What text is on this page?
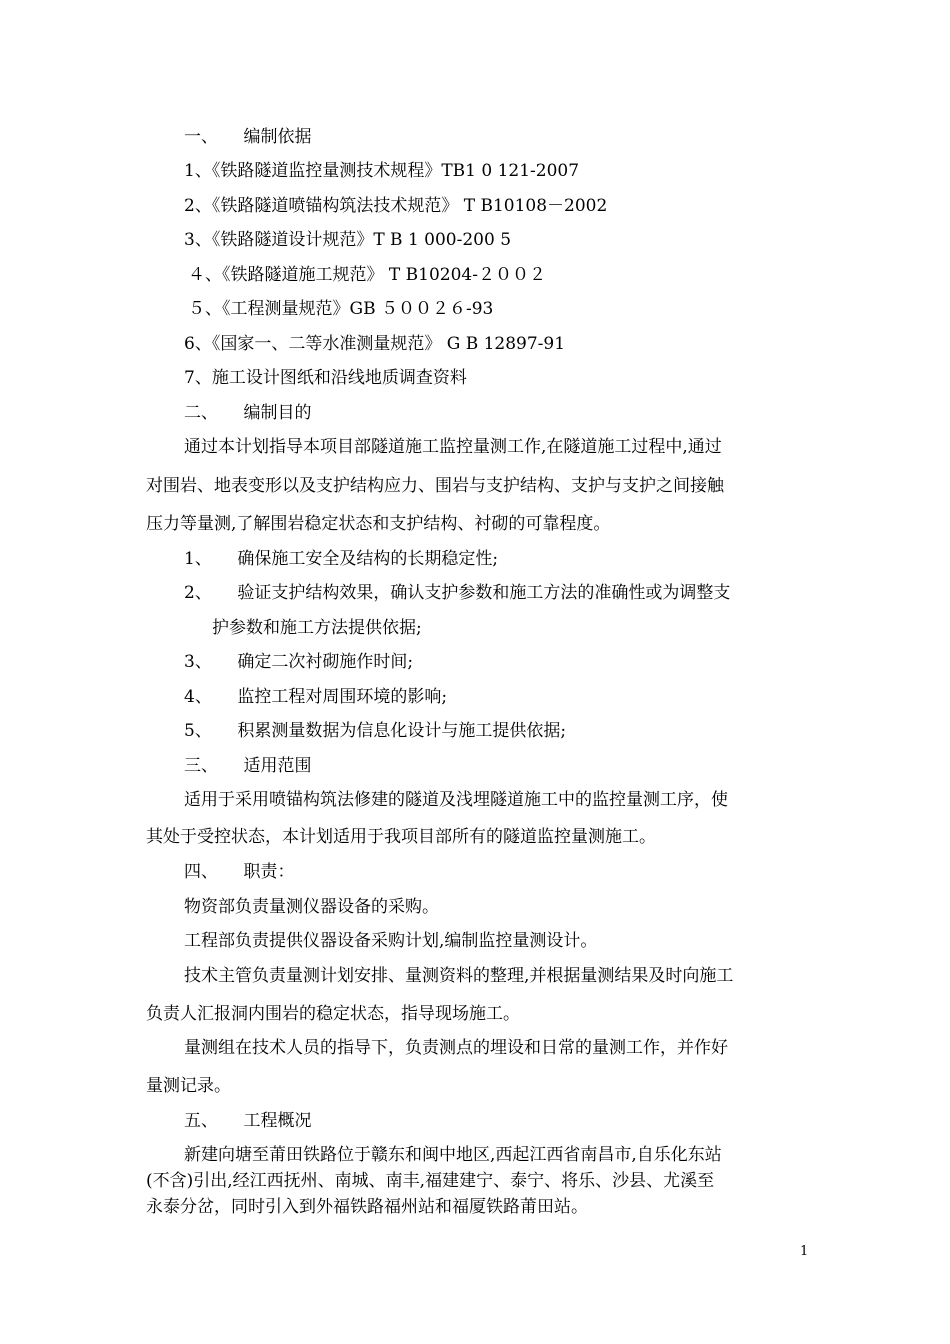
一、　　编制依据
1、《铁路隧道监控量测技术规程》TB1 0 121-2007
2、《铁路隧道喷锚构筑法技术规范》 T B10108－2002
3、《铁路隧道设计规范》T B 1 000-200 5
４、《铁路隧道施工规范》 T B10204-２００２
５、《工程测量规范》GB ５００２６-93
6、《国家一、二等水准测量规范》 G B 12897-91
7、施工设计图纸和沿线地质调查资料
二、　　编制目的
通过本计划指导本项目部隧道施工监控量测工作,在隧道施工过程中,通过
对围岩、地表变形以及支护结构应力、围岩与支护结构、支护与支护之间接触
压力等量测,了解围岩稳定状态和支护结构、衬砌的可靠程度。
1、　　确保施工安全及结构的长期稳定性;
2、　　验证支护结构效果，确认支护参数和施工方法的准确性或为调整支
护参数和施工方法提供依据;
3、　　确定二次衬砌施作时间;
4、　　监控工程对周围环境的影响;
5、　　积累测量数据为信息化设计与施工提供依据;
三、　　适用范围
适用于采用喷锚构筑法修建的隧道及浅埋隧道施工中的监控量测工序，使
其处于受控状态，本计划适用于我项目部所有的隧道监控量测施工。
四、　　职责：
物资部负责量测仪器设备的采购。
工程部负责提供仪器设备采购计划,编制监控量测设计。
技术主管负责量测计划安排、量测资料的整理,并根据量测结果及时向施工
负责人汇报洞内围岩的稳定状态，指导现场施工。
量测组在技术人员的指导下，负责测点的埋设和日常的量测工作，并作好
量测记录。
五、　　工程概况
新建向塘至莆田铁路位于赣东和闽中地区,西起江西省南昌市,自乐化东站
(不含)引出,经江西抚州、南城、南丰,福建建宁、泰宁、将乐、沙县、尤溪至
永泰分岔，同时引入到外福铁路福州站和福厦铁路莆田站。
1
